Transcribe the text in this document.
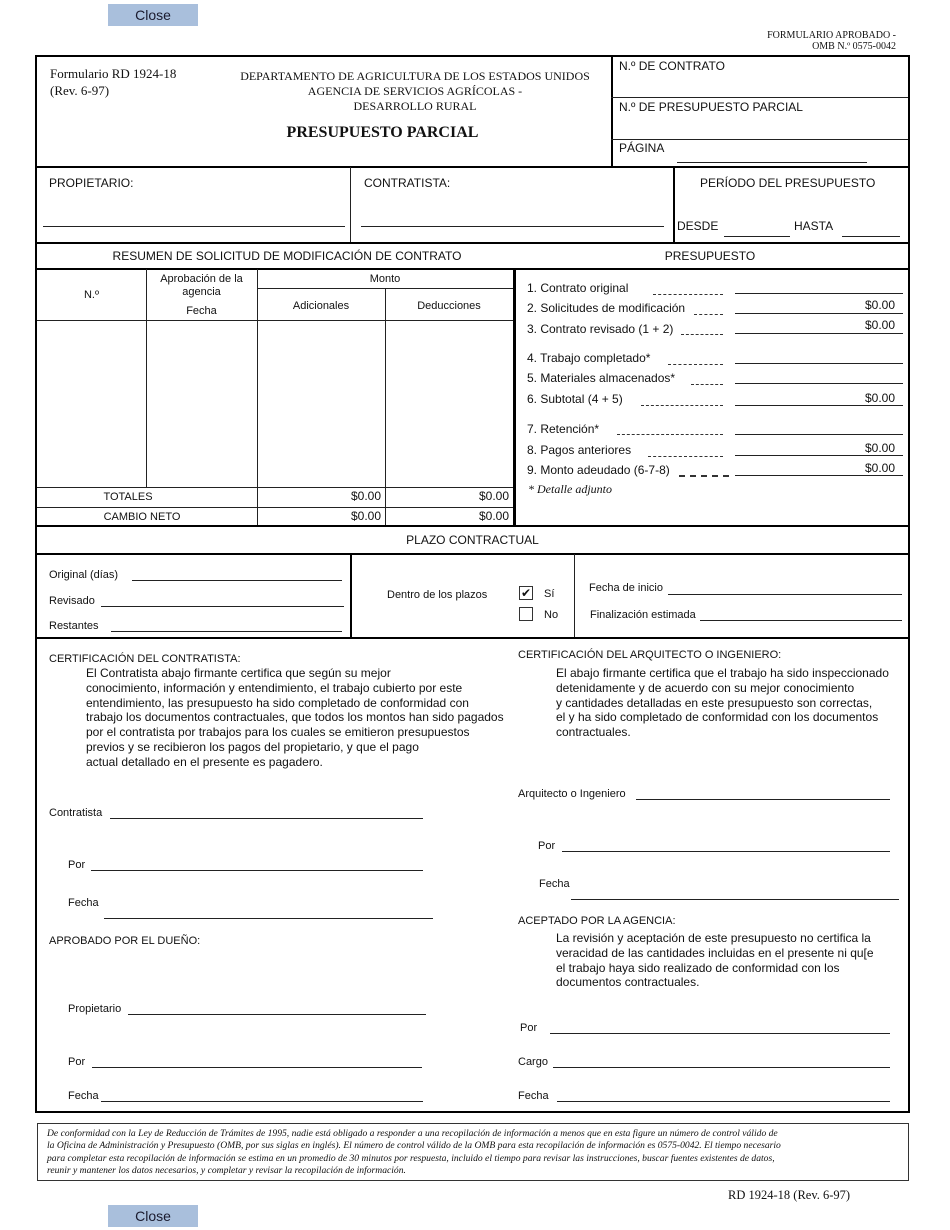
Close
Close
FORMULARIO APROBADO -
OMB N.º 0575-0042
Formulario RD 1924-18
(Rev. 6-97)
DEPARTAMENTO DE AGRICULTURA DE LOS ESTADOS UNIDOS
AGENCIA DE SERVICIOS AGRÍCOLAS -
DESARROLLO RURAL
PRESUPUESTO PARCIAL
N.º DE CONTRATO
N.º DE PRESUPUESTO PARCIAL
PÁGINA
PROPIETARIO:	CONTRATISTA:	PERÍODO DEL PRESUPUESTO
DESDE	HASTA
RESUMEN DE SOLICITUD DE MODIFICACIÓN DE CONTRATO	PRESUPUESTO
N.º
Aprobación de la
agencia
Fecha
Monto
Adicionales	Deducciones
TOTALES	$0.00	$0.00
CAMBIO NETO	$0.00	$0.00
1. Contrato original
2. Solicitudes de modificación	$0.00
3. Contrato revisado (1 + 2)	$0.00
4. Trabajo completado*
5. Materiales almacenados*
6. Subtotal (4 + 5)	$0.00
7. Retención*
8. Pagos anteriores	$0.00
9. Monto adeudado (6-7-8)	$0.00
* Detalle adjunto
PLAZO CONTRACTUAL
Original (días)
Revisado
Restantes
Dentro de los plazos	✔ Sí
No
Fecha de inicio
Finalización estimada
CERTIFICACIÓN DEL CONTRATISTA:
El Contratista abajo firmante certifica que según su mejor
conocimiento, información y entendimiento, el trabajo cubierto por este
entendimiento, las presupuesto ha sido completado de conformidad con
trabajo los documentos contractuales, que todos los montos han sido pagados
por el contratista por trabajos para los cuales se emitieron presupuestos
previos y se recibieron los pagos del propietario, y que el pago
actual detallado en el presente es pagadero.
Contratista
Por
Fecha
APROBADO POR EL DUEÑO:
Propietario
Por
Fecha
CERTIFICACIÓN DEL ARQUITECTO O INGENIERO:
El abajo firmante certifica que el trabajo ha sido inspeccionado
detenidamente y de acuerdo con su mejor conocimiento
y cantidades detalladas en este presupuesto son correctas,
el y ha sido completado de conformidad con los documentos
contractuales.
Arquitecto o Ingeniero
Por
Fecha
ACEPTADO POR LA AGENCIA:
La revisión y aceptación de este presupuesto no certifica la
veracidad de las cantidades incluidas en el presente ni qu[e
el trabajo haya sido realizado de conformidad con los
documentos contractuales.
Por
Cargo
Fecha
De conformidad con la Ley de Reducción de Trámites de 1995, nadie está obligado a responder a una recopilación de información a menos que en esta figure un número de control válido de
la Oficina de Administración y Presupuesto (OMB, por sus siglas en inglés). El número de control válido de la OMB para esta recopilación de información es 0575-0042. El tiempo necesario
para completar esta recopilación de información se estima en un promedio de 30 minutos por respuesta, incluido el tiempo para revisar las instrucciones, buscar fuentes existentes de datos,
reunir y mantener los datos necesarios, y completar y revisar la recopilación de información.
RD 1924-18 (Rev. 6-97)
